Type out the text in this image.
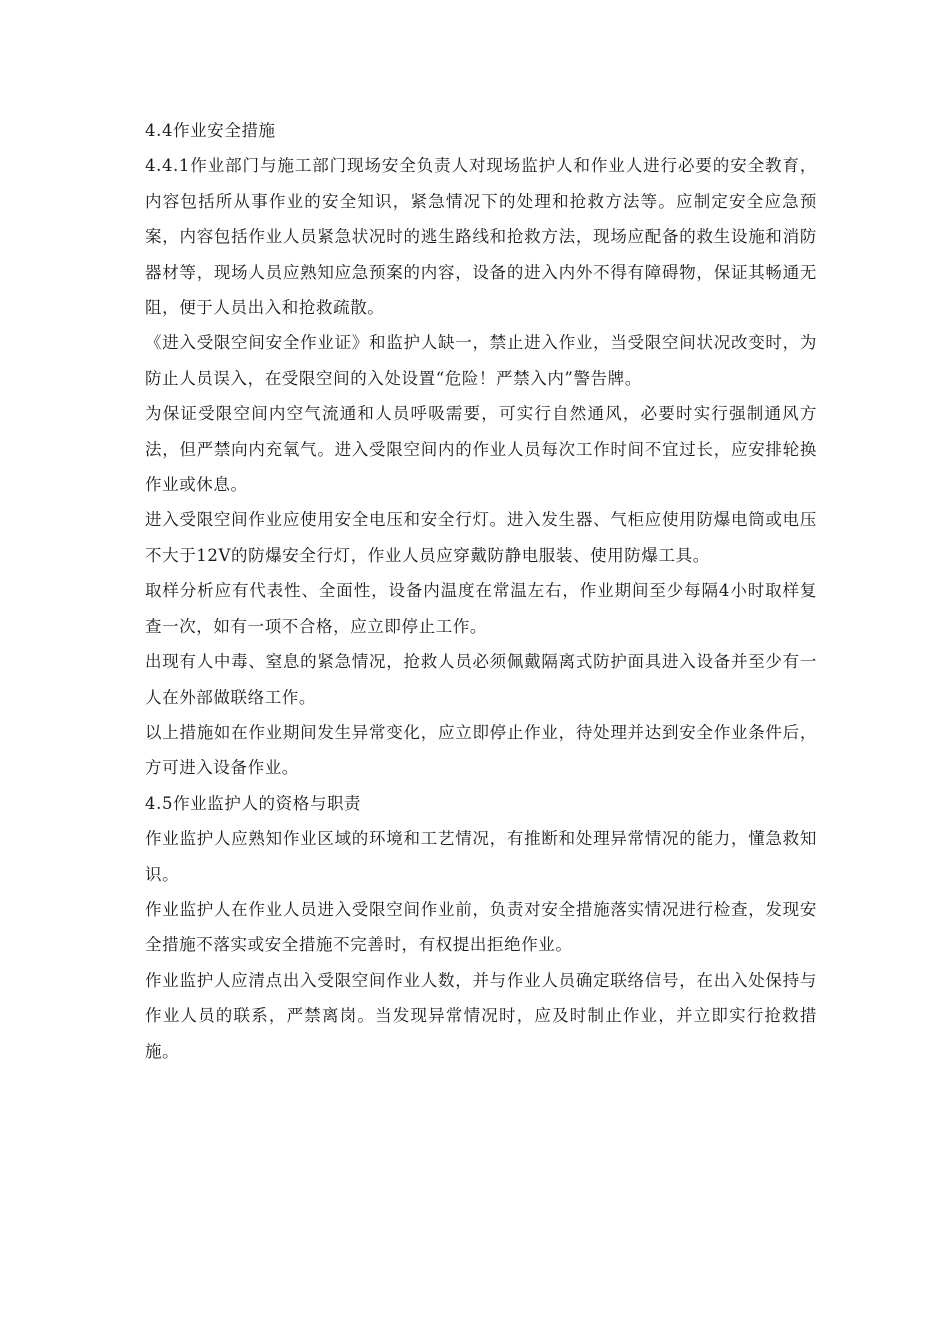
4.4作业安全措施

4.4.1作业部门与施工部门现场安全负责人对现场监护人和作业人进行必要的安全教育，内容包括所从事作业的安全知识，紧急情况下的处理和抢救方法等。应制定安全应急预案，内容包括作业人员紧急状况时的逃生路线和抢救方法，现场应配备的救生设施和消防器材等，现场人员应熟知应急预案的内容，设备的进入内外不得有障碍物，保证其畅通无阻，便于人员出入和抢救疏散。

《进入受限空间安全作业证》和监护人缺一，禁止进入作业，当受限空间状况改变时，为防止人员误入，在受限空间的入处设置“危险！严禁入内”警告牌。

为保证受限空间内空气流通和人员呼吸需要，可实行自然通风，必要时实行强制通风方法，但严禁向内充氧气。进入受限空间内的作业人员每次工作时间不宜过长，应安排轮换作业或休息。

进入受限空间作业应使用安全电压和安全行灯。进入发生器、气柜应使用防爆电筒或电压不大于12V的防爆安全行灯，作业人员应穿戴防静电服装、使用防爆工具。

取样分析应有代表性、全面性，设备内温度在常温左右，作业期间至少每隔4小时取样复查一次，如有一项不合格，应立即停止工作。

出现有人中毒、窒息的紧急情况，抢救人员必须佩戴隔离式防护面具进入设备并至少有一人在外部做联络工作。

以上措施如在作业期间发生异常变化，应立即停止作业，待处理并达到安全作业条件后，方可进入设备作业。

4.5作业监护人的资格与职责

作业监护人应熟知作业区域的环境和工艺情况，有推断和处理异常情况的能力，懂急救知识。

作业监护人在作业人员进入受限空间作业前，负责对安全措施落实情况进行检查，发现安全措施不落实或安全措施不完善时，有权提出拒绝作业。

作业监护人应清点出入受限空间作业人数，并与作业人员确定联络信号，在出入处保持与作业人员的联系，严禁离岗。当发现异常情况时，应及时制止作业，并立即实行抢救措施。
